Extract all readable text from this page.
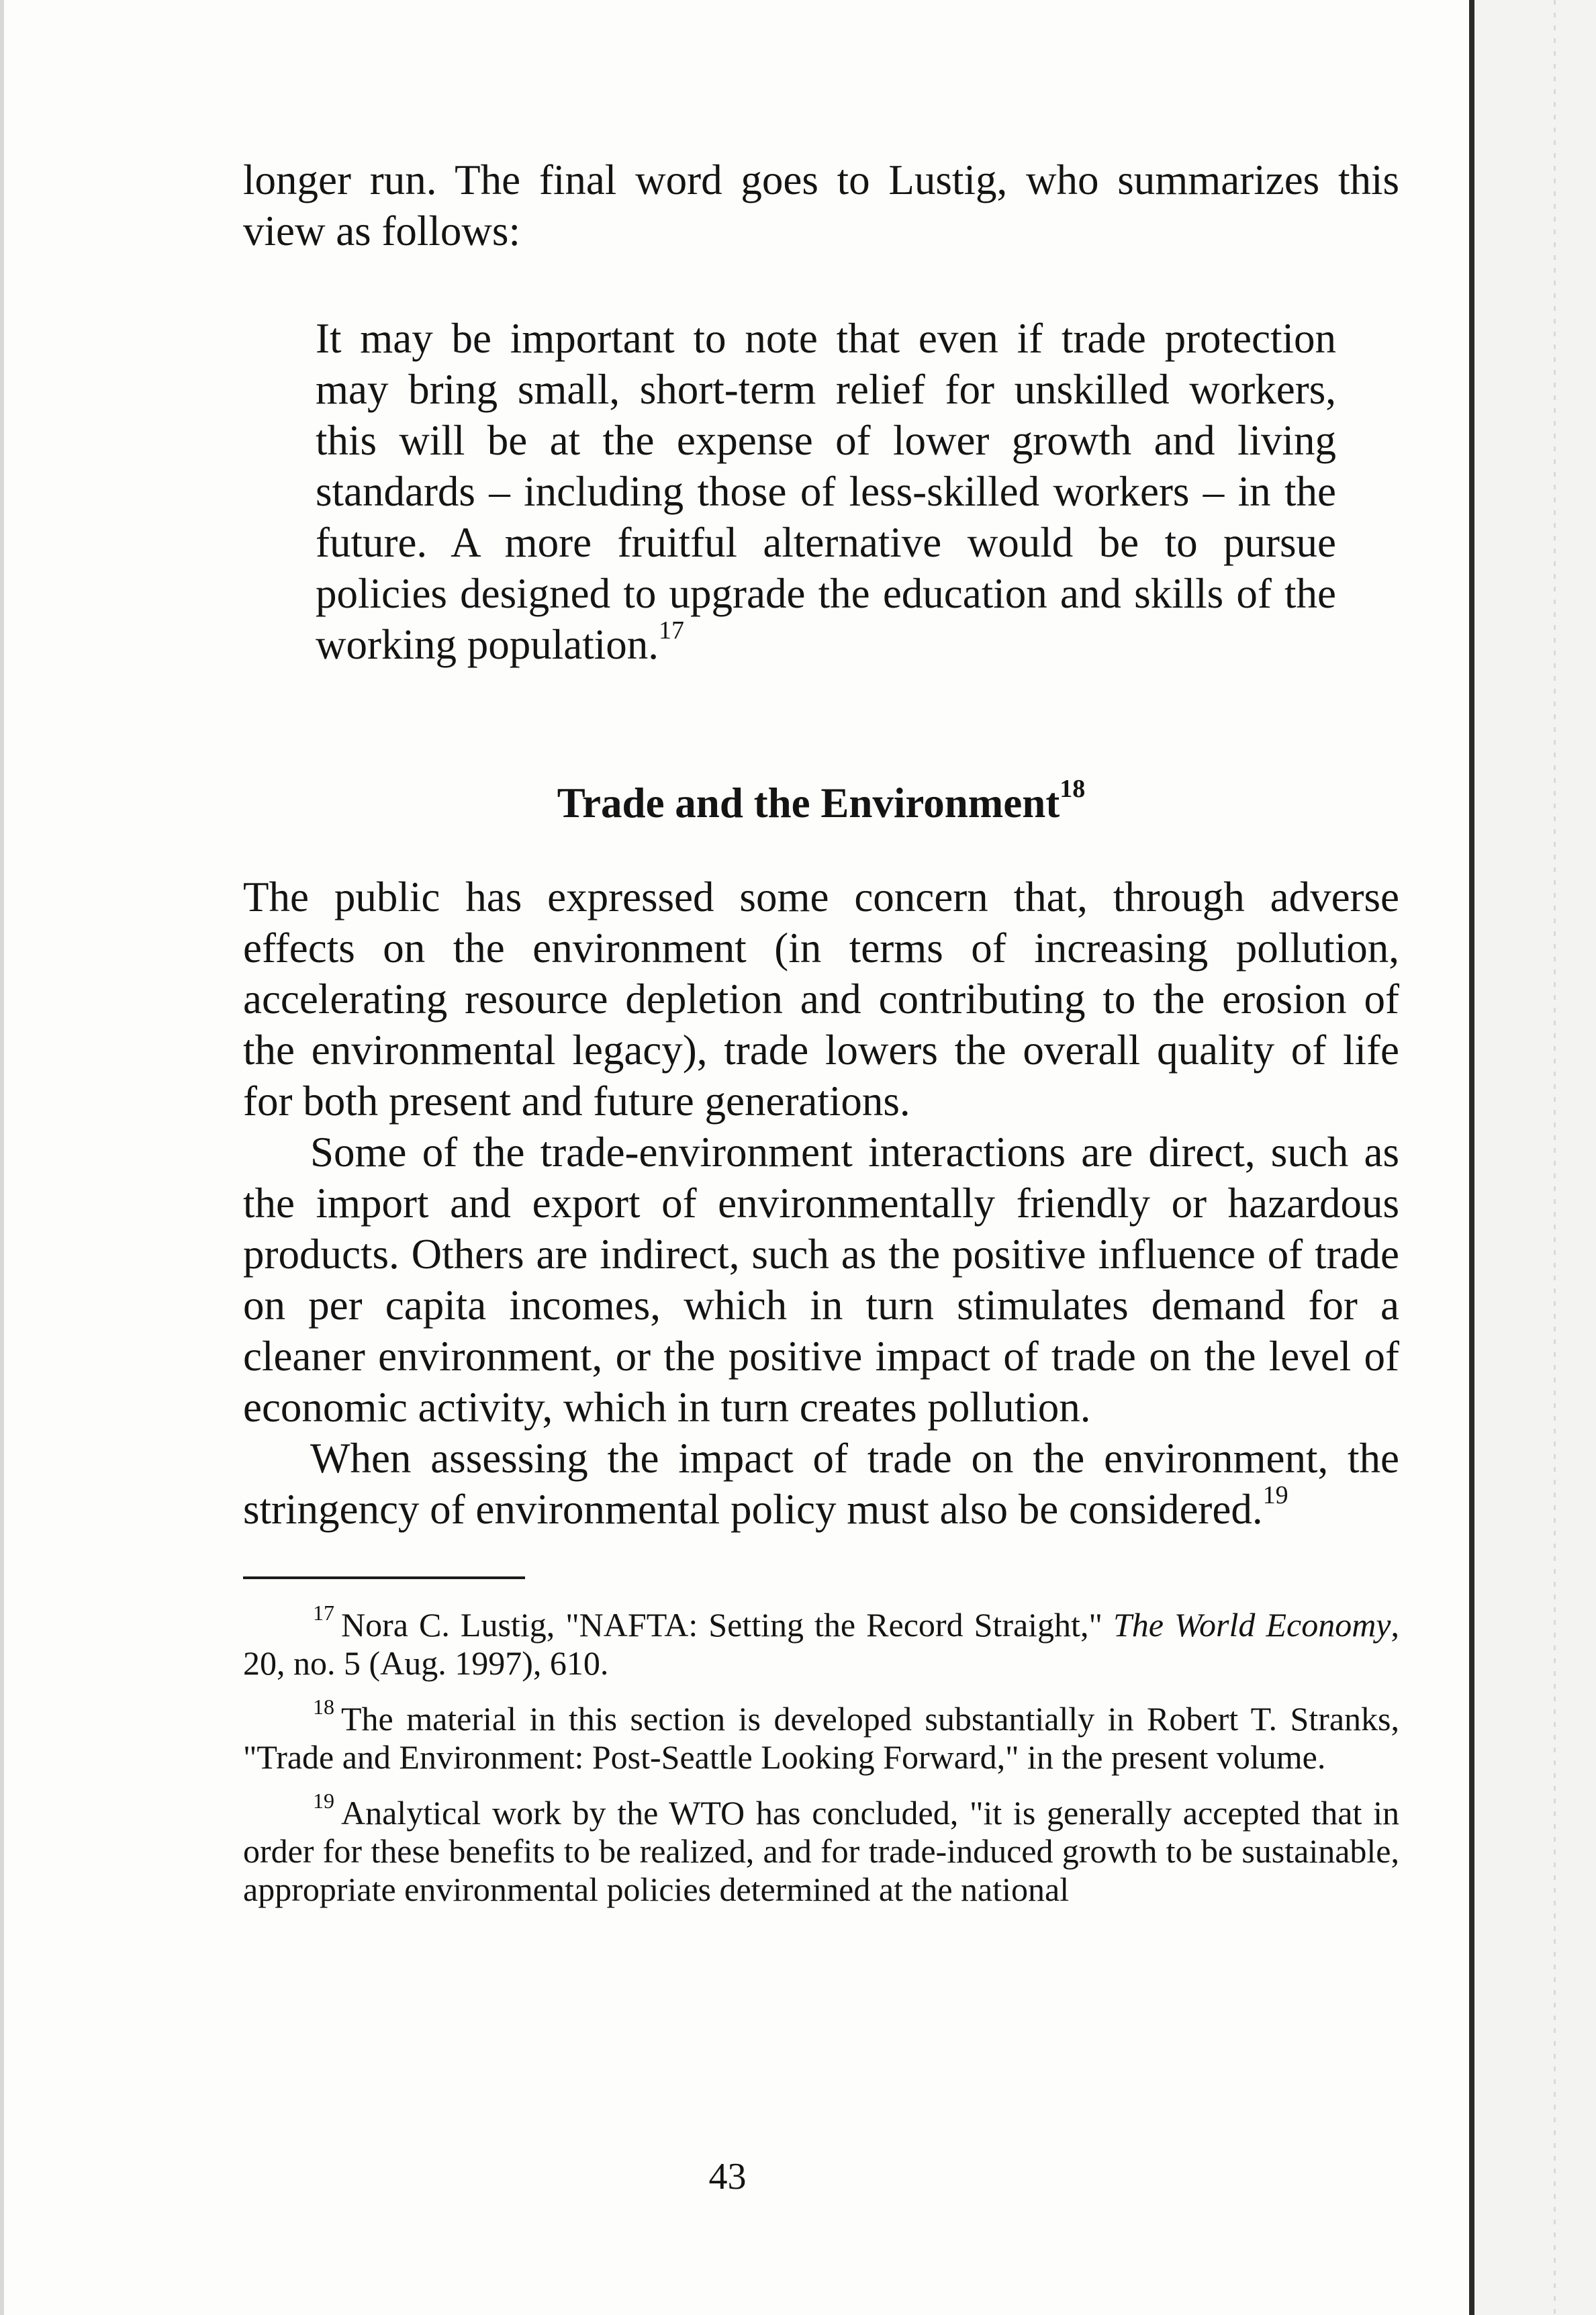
longer run. The final word goes to Lustig, who summarizes this view as follows:

It may be important to note that even if trade protection may bring small, short-term relief for unskilled workers, this will be at the expense of lower growth and living standards – including those of less-skilled workers – in the future. A more fruitful alternative would be to pursue policies designed to upgrade the education and skills of the working population.$^{17}$

Trade and the Environment$^{18}$

The public has expressed some concern that, through adverse effects on the environment (in terms of increasing pollution, accelerating resource depletion and contributing to the erosion of the environmental legacy), trade lowers the overall quality of life for both present and future generations.

Some of the trade-environment interactions are direct, such as the import and export of environmentally friendly or hazardous products. Others are indirect, such as the positive influence of trade on per capita incomes, which in turn stimulates demand for a cleaner environment, or the positive impact of trade on the level of economic activity, which in turn creates pollution.

When assessing the impact of trade on the environment, the stringency of environmental policy must also be considered.$^{19}$

$^{17}$ Nora C. Lustig, "NAFTA: Setting the Record Straight," The World Economy, 20, no. 5 (Aug. 1997), 610.

$^{18}$ The material in this section is developed substantially in Robert T. Stranks, "Trade and Environment: Post-Seattle Looking Forward," in the present volume.

$^{19}$ Analytical work by the WTO has concluded, "it is generally accepted that in order for these benefits to be realized, and for trade-induced growth to be sustainable, appropriate environmental policies determined at the national

43
